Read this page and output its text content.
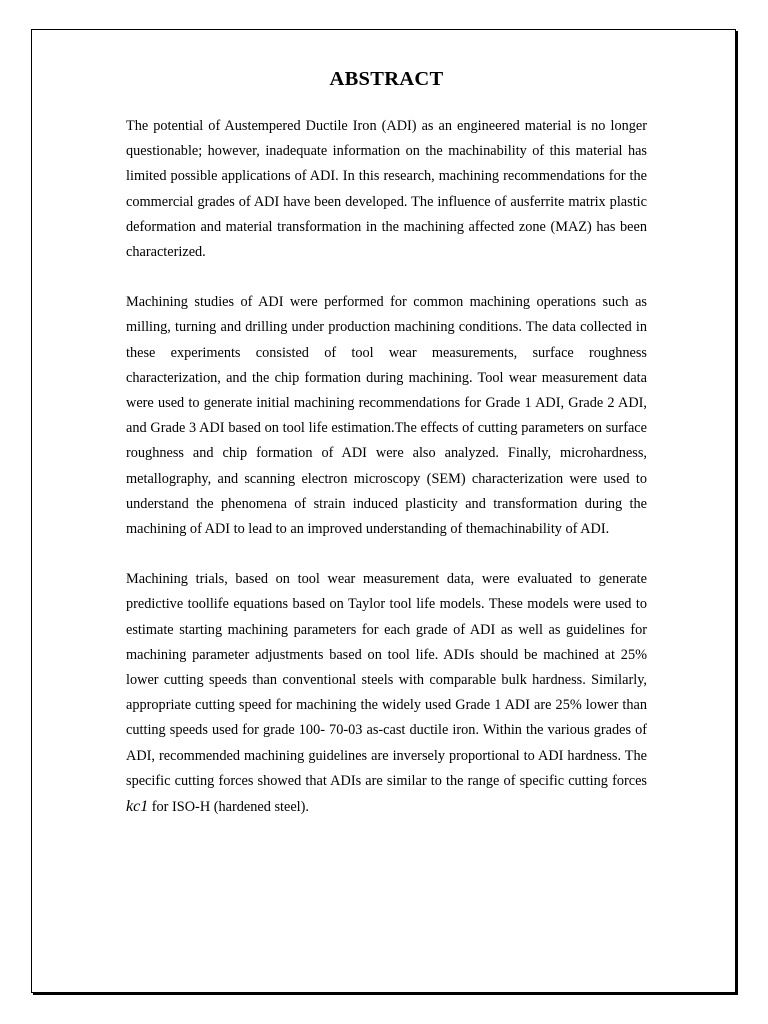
ABSTRACT

The potential of Austempered Ductile Iron (ADI) as an engineered material is no longer questionable; however, inadequate information on the machinability of this material has limited possible applications of ADI. In this research, machining recommendations for the commercial grades of ADI have been developed. The influence of ausferrite matrix plastic deformation and material transformation in the machining affected zone (MAZ) has been characterized.

Machining studies of ADI were performed for common machining operations such as milling, turning and drilling under production machining conditions. The data collected in these experiments consisted of tool wear measurements, surface roughness characterization, and the chip formation during machining. Tool wear measurement data were used to generate initial machining recommendations for Grade 1 ADI, Grade 2 ADI, and Grade 3 ADI based on tool life estimation.The effects of cutting parameters on surface roughness and chip formation of ADI were also analyzed. Finally, microhardness, metallography, and scanning electron microscopy (SEM) characterization were used to understand the phenomena of strain induced plasticity and transformation during the machining of ADI to lead to an improved understanding of themachinability of ADI.

Machining trials, based on tool wear measurement data, were evaluated to generate predictive toollife equations based on Taylor tool life models. These models were used to estimate starting machining parameters for each grade of ADI as well as guidelines for machining parameter adjustments based on tool life. ADIs should be machined at 25% lower cutting speeds than conventional steels with comparable bulk hardness. Similarly, appropriate cutting speed for machining the widely used Grade 1 ADI are 25% lower than cutting speeds used for grade 100- 70-03 as-cast ductile iron. Within the various grades of ADI, recommended machining guidelines are inversely proportional to ADI hardness. The specific cutting forces showed that ADIs are similar to the range of specific cutting forces kc1 for ISO-H (hardened steel).
